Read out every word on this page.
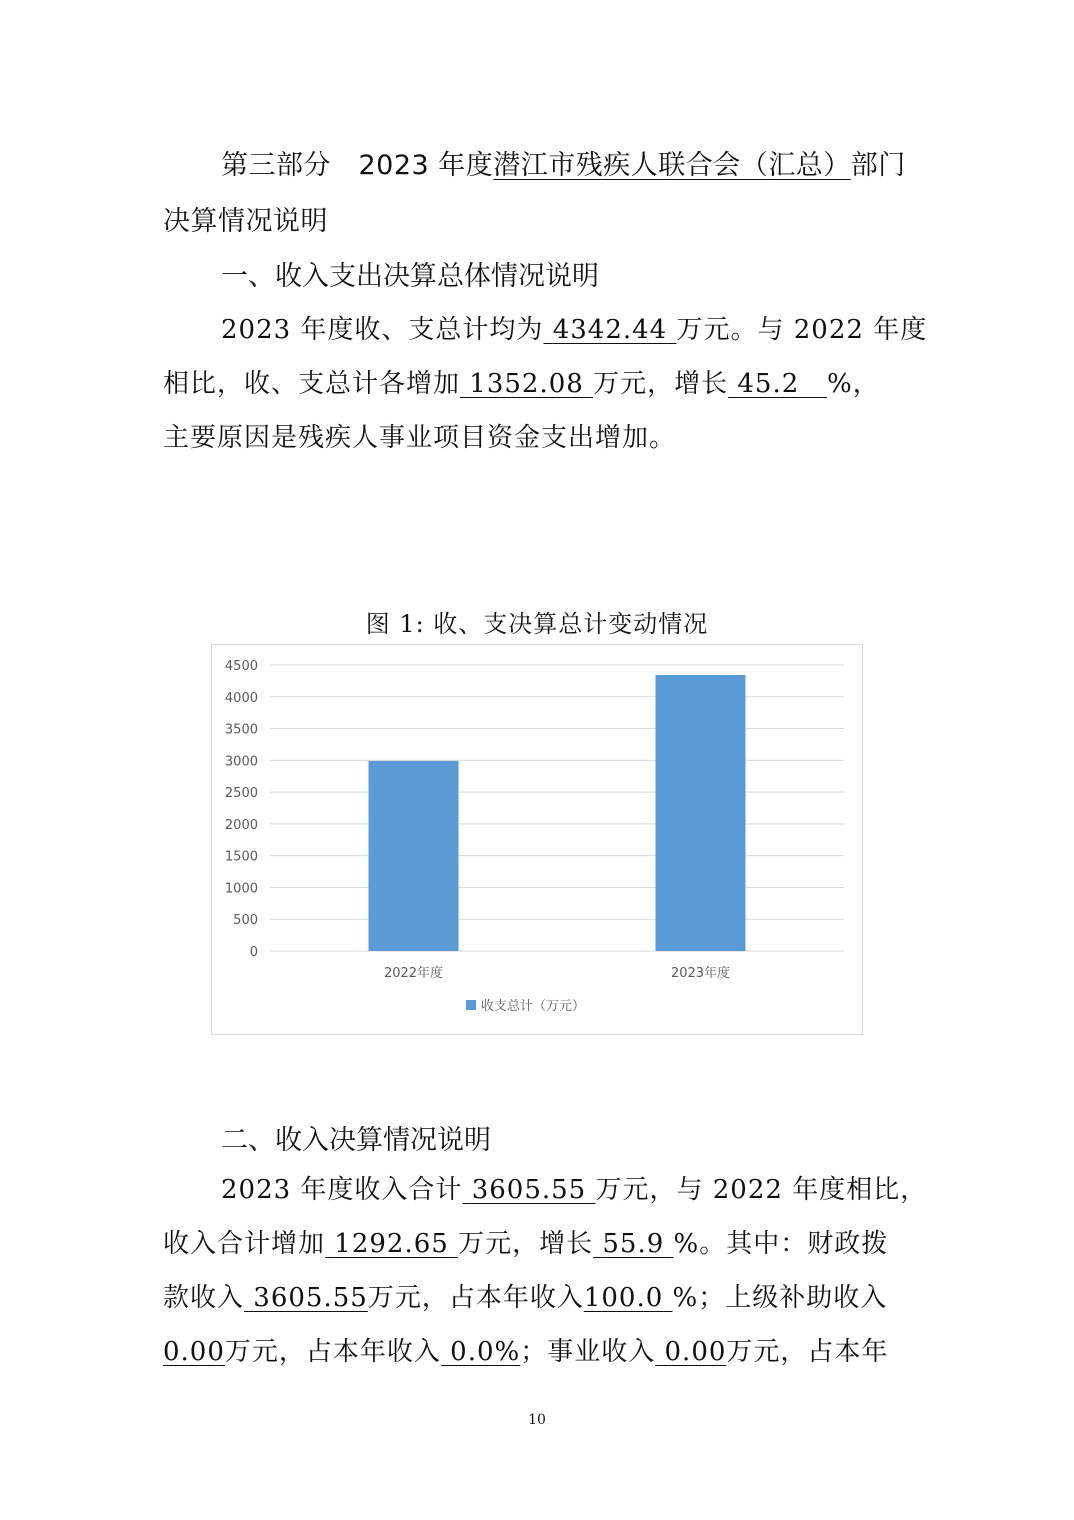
第三部分　2023 年度潜江市残疾人联合会（汇总）部门
决算情况说明
一、收入支出决算总体情况说明
2023 年度收、支总计均为 4342.44 万元。与 2022 年度
相比，收、支总计各增加 1352.08 万元，增长 45.2 %，
主要原因是残疾人事业项目资金支出增加。
图 1: 收、支决算总计变动情况
0
500
1000
1500
2000
2500
3000
3500
4000
4500
2022年度	2023年度
收支总计（万元）
二、收入决算情况说明
2023 年度收入合计 3605.55 万元，与 2022 年度相比，
收入合计增加 1292.65 万元，增长 55.9 %。其中：财政拨
款收入 3605.55万元，占本年收入100.0 %；上级补助收入
0.00万元，占本年收入 0.0%；事业收入 0.00万元，占本年
10
